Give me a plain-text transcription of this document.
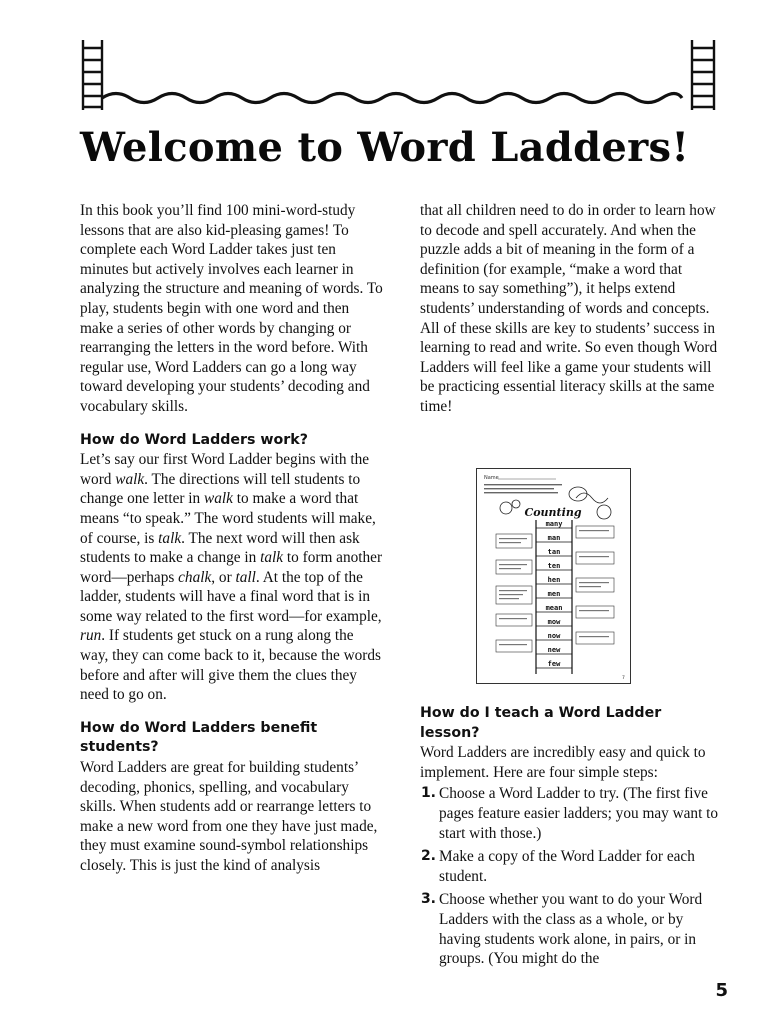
Welcome to Word Ladders!

In this book you’ll find 100 mini-word-study lessons that are also kid-pleasing games! To complete each Word Ladder takes just ten minutes but actively involves each learner in analyzing the structure and meaning of words. To play, students begin with one word and then make a series of other words by changing or rearranging the letters in the word before. With regular use, Word Ladders can go a long way toward developing your students’ decoding and vocabulary skills.

How do Word Ladders work?

Let’s say our first Word Ladder begins with the word walk. The directions will tell students to change one letter in walk to make a word that means “to speak.” The word students will make, of course, is talk. The next word will then ask students to make a change in talk to form another word—perhaps chalk, or tall. At the top of the ladder, students will have a final word that is in some way related to the first word—for example, run. If students get stuck on a rung along the way, they can come back to it, because the words before and after will give them the clues they need to go on.

How do Word Ladders benefit students?

Word Ladders are great for building students’ decoding, phonics, spelling, and vocabulary skills. When students add or rearrange letters to make a new word from one they have just made, they must examine sound-symbol relationships closely. This is just the kind of analysis

that all children need to do in order to learn how to decode and spell accurately. And when the puzzle adds a bit of meaning in the form of a definition (for example, “make a word that means to say something”), it helps extend students’ understanding of words and concepts. All of these skills are key to students’ success in learning to read and write. So even though Word Ladders will feel like a game your students will be practicing essential literacy skills at the same time!

Name
Counting
many
man
tan
ten
hen
men
mean
mow
now
new
few
7
How do I teach a Word Ladder lesson?

Word Ladders are incredibly easy and quick to implement. Here are four simple steps:

1. Choose a Word Ladder to try. (The first five pages feature easier ladders; you may want to start with those.)
2. Make a copy of the Word Ladder for each student.
3. Choose whether you want to do your Word Ladders with the class as a whole, or by having students work alone, in pairs, or in groups. (You might do the
5
